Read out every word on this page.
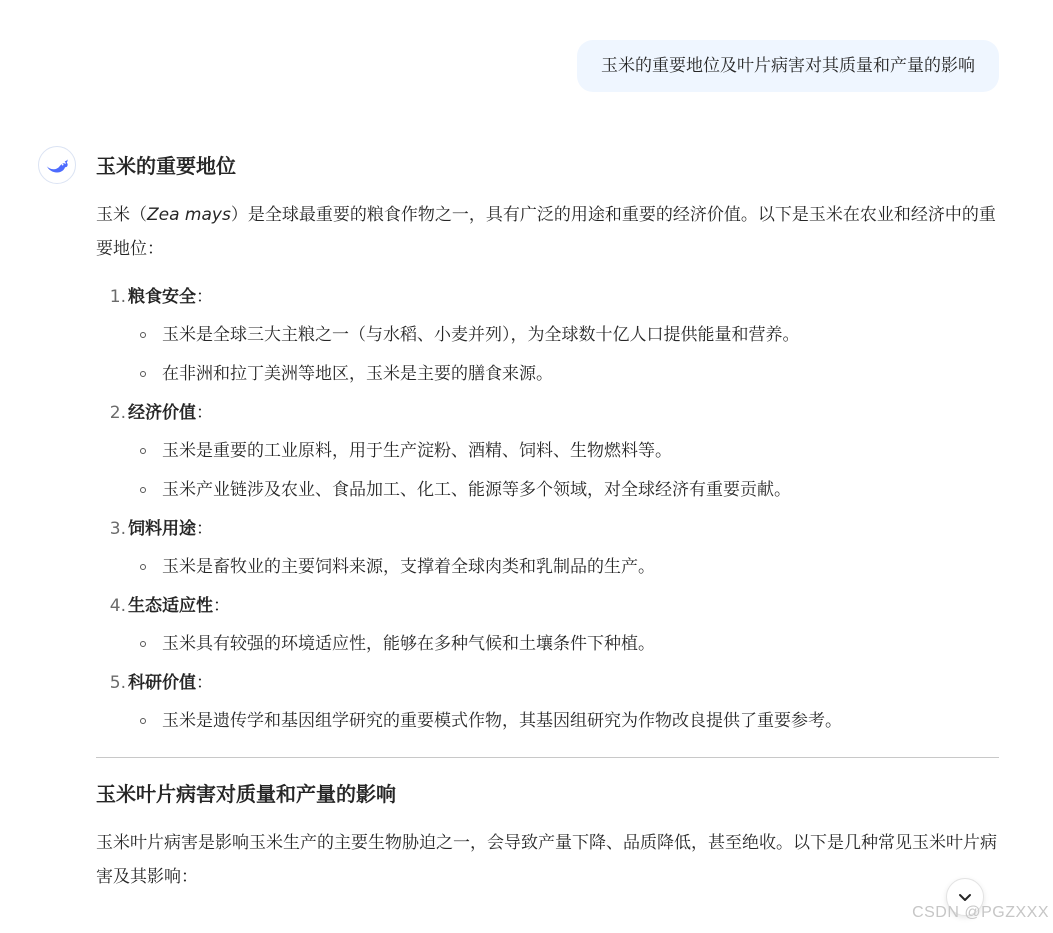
玉米的重要地位及叶片病害对其质量和产量的影响
玉米的重要地位

玉米（Zea mays）是全球最重要的粮食作物之一，具有广泛的用途和重要的经济价值。以下是玉米在农业和经济中的重要地位：

1. 粮食安全：
玉米是全球三大主粮之一（与水稻、小麦并列），为全球数十亿人口提供能量和营养。
在非洲和拉丁美洲等地区，玉米是主要的膳食来源。
2. 经济价值：
玉米是重要的工业原料，用于生产淀粉、酒精、饲料、生物燃料等。
玉米产业链涉及农业、食品加工、化工、能源等多个领域，对全球经济有重要贡献。
3. 饲料用途：
玉米是畜牧业的主要饲料来源，支撑着全球肉类和乳制品的生产。
4. 生态适应性：
玉米具有较强的环境适应性，能够在多种气候和土壤条件下种植。
5. 科研价值：
玉米是遗传学和基因组学研究的重要模式作物，其基因组研究为作物改良提供了重要参考。
玉米叶片病害对质量和产量的影响

玉米叶片病害是影响玉米生产的主要生物胁迫之一，会导致产量下降、品质降低，甚至绝收。以下是几种常见玉米叶片病害及其影响：

CSDN @PGZXXX
